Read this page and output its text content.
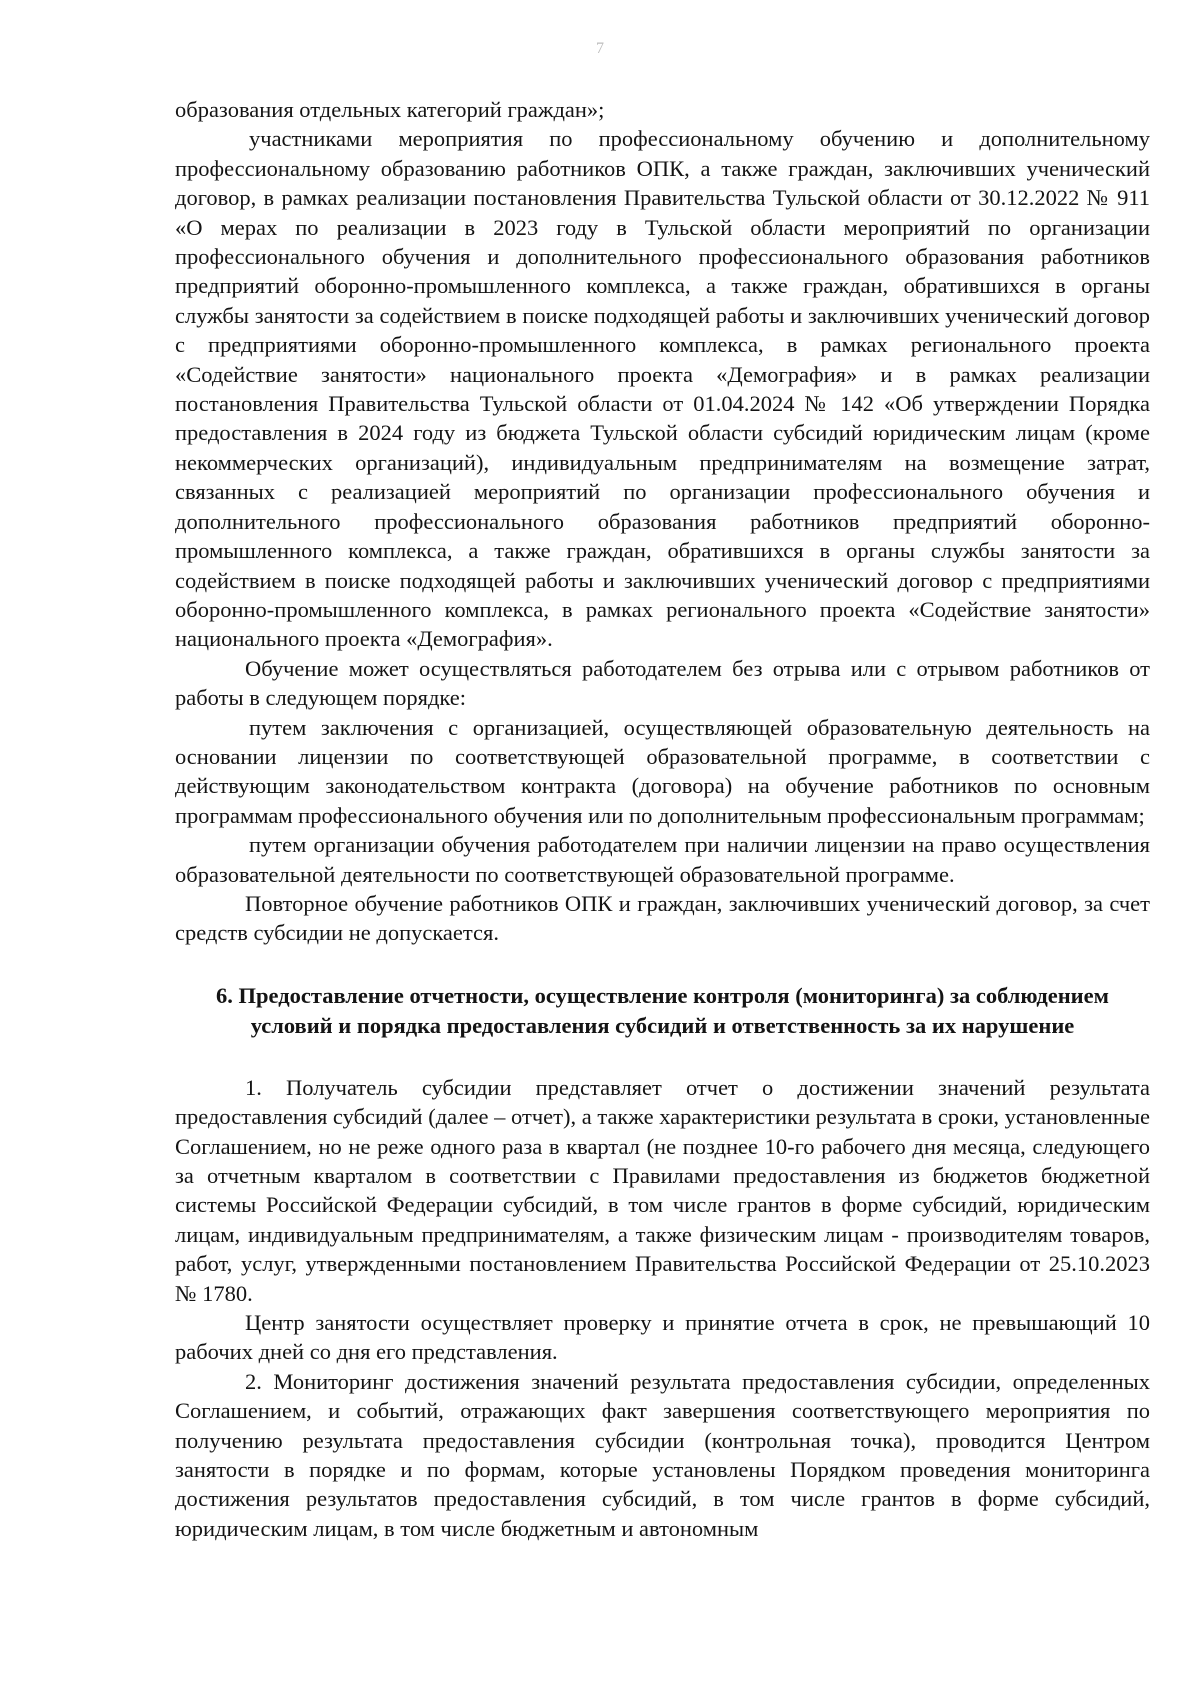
7

образования отдельных категорий граждан»;

участниками мероприятия по профессиональному обучению и дополнительному профессиональному образованию работников ОПК, а также граждан, заключивших ученический договор, в рамках реализации постановления Правительства Тульской области от 30.12.2022 № 911 «О мерах по реализации в 2023 году в Тульской области мероприятий по организации профессионального обучения и дополнительного профессионального образования работников предприятий оборонно-промышленного комплекса, а также граждан, обратившихся в органы службы занятости за содействием в поиске подходящей работы и заключивших ученический договор с предприятиями оборонно-промышленного комплекса, в рамках регионального проекта «Содействие занятости» национального проекта «Демография» и в рамках реализации постановления Правительства Тульской области от 01.04.2024 № 142 «Об утверждении Порядка предоставления в 2024 году из бюджета Тульской области субсидий юридическим лицам (кроме некоммерческих организаций), индивидуальным предпринимателям на возмещение затрат, связанных с реализацией мероприятий по организации профессионального обучения и дополнительного профессионального образования работников предприятий оборонно-промышленного комплекса, а также граждан, обратившихся в органы службы занятости за содействием в поиске подходящей работы и заключивших ученический договор с предприятиями оборонно-промышленного комплекса, в рамках регионального проекта «Содействие занятости» национального проекта «Демография».

Обучение может осуществляться работодателем без отрыва или с отрывом работников от работы в следующем порядке:

путем заключения с организацией, осуществляющей образовательную деятельность на основании лицензии по соответствующей образовательной программе, в соответствии с действующим законодательством контракта (договора) на обучение работников по основным программам профессионального обучения или по дополнительным профессиональным программам;

путем организации обучения работодателем при наличии лицензии на право осуществления образовательной деятельности по соответствующей образовательной программе.

Повторное обучение работников ОПК и граждан, заключивших ученический договор, за счет средств субсидии не допускается.

6. Предоставление отчетности, осуществление контроля (мониторинга) за соблюдением условий и порядка предоставления субсидий и ответственность за их нарушение

1. Получатель субсидии представляет отчет о достижении значений результата предоставления субсидий (далее – отчет), а также характеристики результата в сроки, установленные Соглашением, но не реже одного раза в квартал (не позднее 10-го рабочего дня месяца, следующего за отчетным кварталом в соответствии с Правилами предоставления из бюджетов бюджетной системы Российской Федерации субсидий, в том числе грантов в форме субсидий, юридическим лицам, индивидуальным предпринимателям, а также физическим лицам - производителям товаров, работ, услуг, утвержденными постановлением Правительства Российской Федерации от 25.10.2023 № 1780.

Центр занятости осуществляет проверку и принятие отчета в срок, не превышающий 10 рабочих дней со дня его представления.

2. Мониторинг достижения значений результата предоставления субсидии, определенных Соглашением, и событий, отражающих факт завершения соответствующего мероприятия по получению результата предоставления субсидии (контрольная точка), проводится Центром занятости в порядке и по формам, которые установлены Порядком проведения мониторинга достижения результатов предоставления субсидий, в том числе грантов в форме субсидий, юридическим лицам, в том числе бюджетным и автономным
